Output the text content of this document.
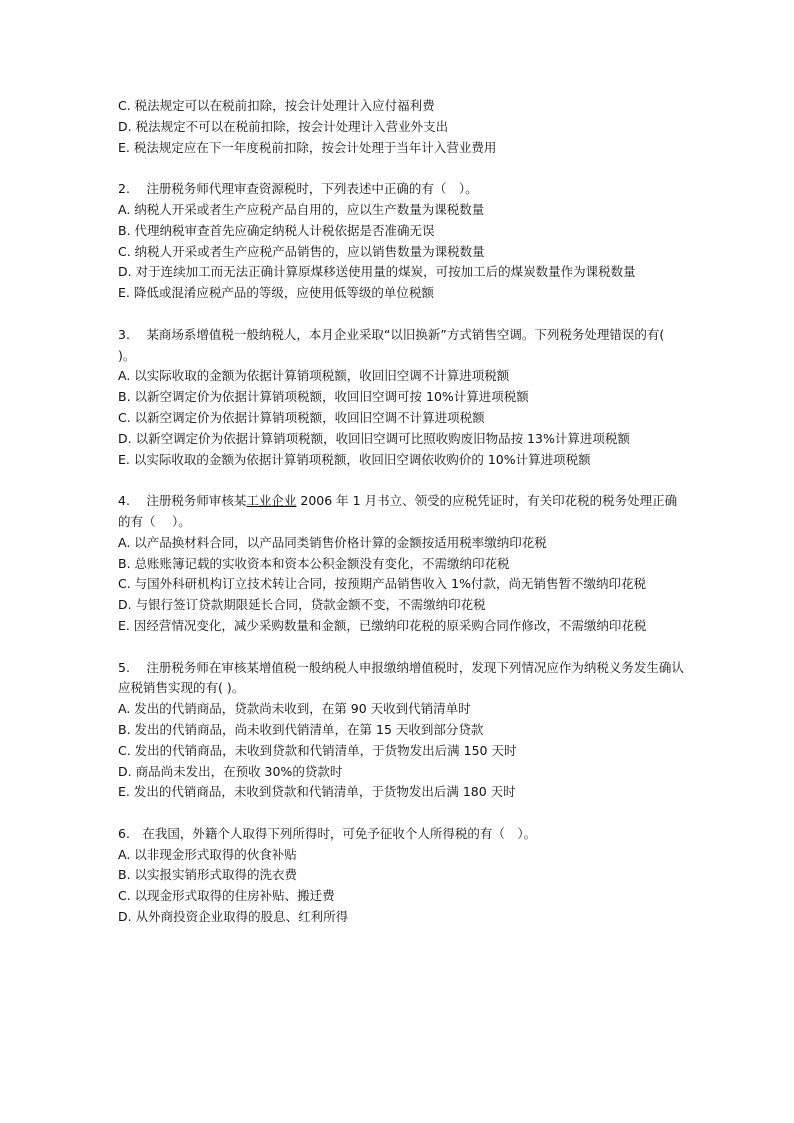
C. 税法规定可以在税前扣除，按会计处理计入应付福利费
D. 税法规定不可以在税前扣除，按会计处理计入营业外支出
E. 税法规定应在下一年度税前扣除，按会计处理于当年计入营业费用
2.　 注册税务师代理审查资源税时，下列表述中正确的有（　）。
A. 纳税人开采或者生产应税产品自用的，应以生产数量为课税数量
B. 代理纳税审查首先应确定纳税人计税依据是否准确无误
C. 纳税人开采或者生产应税产品销售的，应以销售数量为课税数量
D. 对于连续加工而无法正确计算原煤移送使用量的煤炭，可按加工后的煤炭数量作为课税数量
E. 降低或混淆应税产品的等级，应使用低等级的单位税额
3.　 某商场系增值税一般纳税人，本月企业采取“以旧换新”方式销售空调。下列税务处理错误的有( )。
A. 以实际收取的金额为依据计算销项税额，收回旧空调不计算进项税额
B. 以新空调定价为依据计算销项税额，收回旧空调可按 10%计算进项税额
C. 以新空调定价为依据计算销项税额，收回旧空调不计算进项税额
D. 以新空调定价为依据计算销项税额，收回旧空调可比照收购废旧物品按 13%计算进项税额
E. 以实际收取的金额为依据计算销项税额，收回旧空调依收购价的 10%计算进项税额
4.　 注册税务师审核某工业企业 2006 年 1 月书立、领受的应税凭证时，有关印花税的税务处理正确的有（　 ）。
A. 以产品换材料合同，以产品同类销售价格计算的金额按适用税率缴纳印花税
B. 总账账簿记载的实收资本和资本公积金额没有变化，不需缴纳印花税
C. 与国外科研机构订立技术转让合同，按预期产品销售收入 1%付款，尚无销售暂不缴纳印花税
D. 与银行签订贷款期限延长合同，贷款金额不变，不需缴纳印花税
E. 因经营情况变化，减少采购数量和金额，已缴纳印花税的原采购合同作修改，不需缴纳印花税
5.　 注册税务师在审核某增值税一般纳税人申报缴纳增值税时，发现下列情况应作为纳税义务发生确认应税销售实现的有( )。
A. 发出的代销商品，贷款尚未收到，在第 90 天收到代销清单时
B. 发出的代销商品，尚未收到代销清单，在第 15 天收到部分贷款
C. 发出的代销商品，未收到贷款和代销清单，于货物发出后满 150 天时
D. 商品尚未发出，在预收 30%的贷款时
E. 发出的代销商品，未收到贷款和代销清单，于货物发出后满 180 天时
6.　在我国，外籍个人取得下列所得时，可免予征收个人所得税的有（　）。
A. 以非现金形式取得的伙食补贴
B. 以实报实销形式取得的洗衣费
C. 以现金形式取得的住房补贴、搬迁费
D. 从外商投资企业取得的股息、红利所得
